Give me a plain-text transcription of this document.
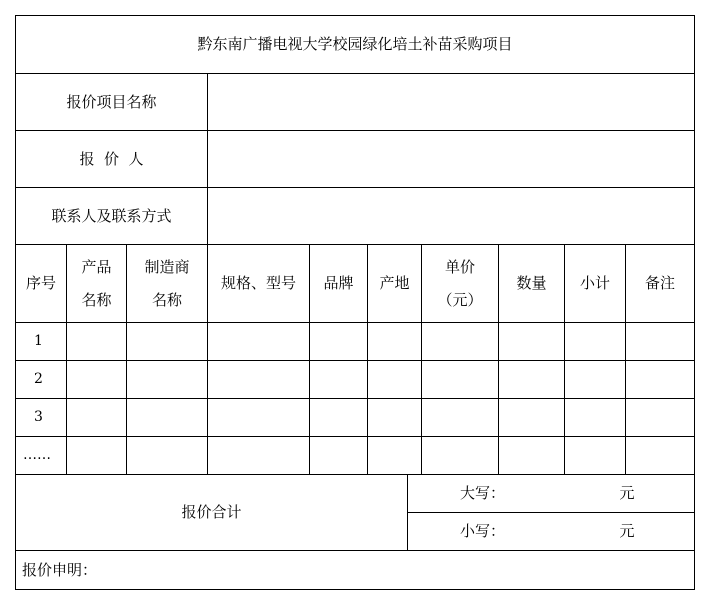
黔东南广播电视大学校园绿化培土补苗采购项目
报价项目名称
报  价  人
联系人及联系方式
序号
产品
名称
制造商
名称
规格、型号 品牌 产地
单价
（元）
数量 小计 备注
1
2
3
……
报价合计
大写：	元
小写：	元
报价申明：
